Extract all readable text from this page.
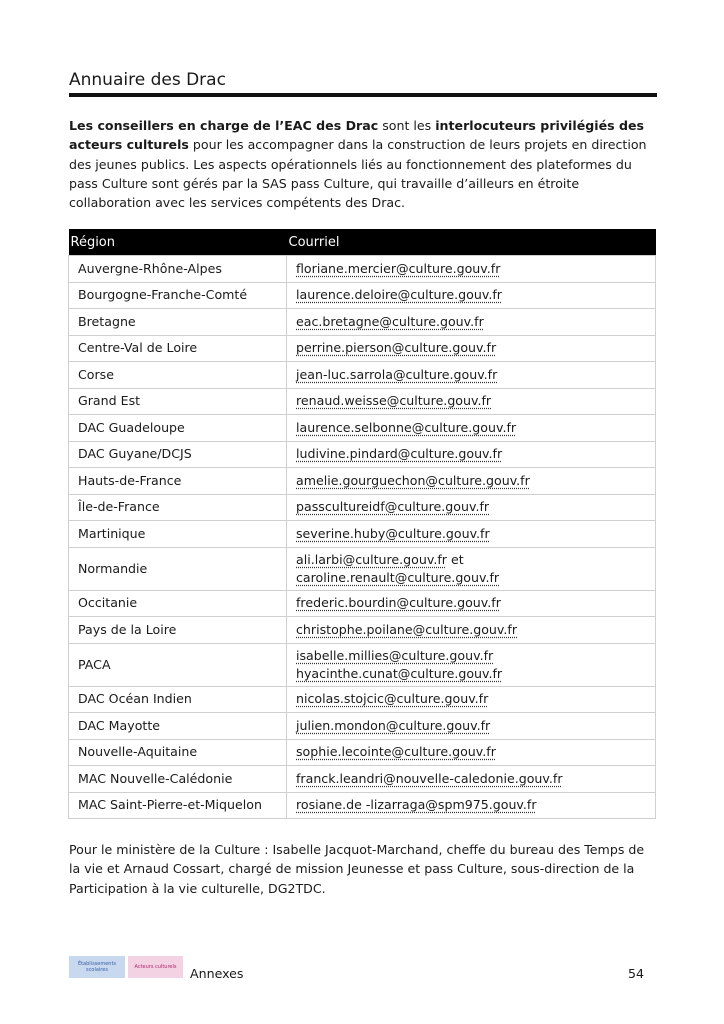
Annuaire des Drac

Les conseillers en charge de l’EAC des Drac sont les interlocuteurs privilégiés des acteurs culturels pour les accompagner dans la construction de leurs projets en direction des jeunes publics. Les aspects opérationnels liés au fonctionnement des plateformes du pass Culture sont gérés par la SAS pass Culture, qui travaille d’ailleurs en étroite collaboration avec les services compétents des Drac.

Région	Courriel
Auvergne-Rhône-Alpes	floriane.mercier@culture.gouv.fr
Bourgogne-Franche-Comté	laurence.deloire@culture.gouv.fr
Bretagne	eac.bretagne@culture.gouv.fr
Centre-Val de Loire	perrine.pierson@culture.gouv.fr
Corse	jean-luc.sarrola@culture.gouv.fr
Grand Est	renaud.weisse@culture.gouv.fr
DAC Guadeloupe	laurence.selbonne@culture.gouv.fr
DAC Guyane/DCJS	ludivine.pindard@culture.gouv.fr
Hauts-de-France	amelie.gourguechon@culture.gouv.fr
Île-de-France	passcultureidf@culture.gouv.fr
Martinique	severine.huby@culture.gouv.fr
Normandie	ali.larbi@culture.gouv.fr et
caroline.renault@culture.gouv.fr
Occitanie	frederic.bourdin@culture.gouv.fr
Pays de la Loire	christophe.poilane@culture.gouv.fr
PACA	isabelle.millies@culture.gouv.fr
hyacinthe.cunat@culture.gouv.fr
DAC Océan Indien	nicolas.stojcic@culture.gouv.fr
DAC Mayotte	julien.mondon@culture.gouv.fr
Nouvelle-Aquitaine	sophie.lecointe@culture.gouv.fr
MAC Nouvelle-Calédonie	franck.leandri@nouvelle-caledonie.gouv.fr
MAC Saint-Pierre-et-Miquelon	rosiane.de -lizarraga@spm975.gouv.fr

Pour le ministère de la Culture : Isabelle Jacquot-Marchand, cheffe du bureau des Temps de la vie et Arnaud Cossart, chargé de mission Jeunesse et pass Culture, sous-direction de la Participation à la vie culturelle, DG2TDC.

Établissements scolaires	Acteurs culturels	Annexes	54
